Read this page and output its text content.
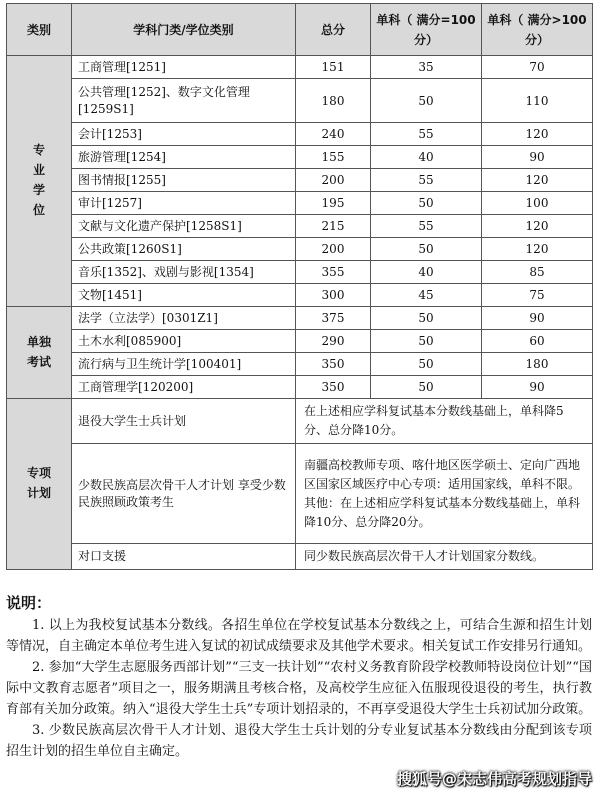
类别	学科门类/学位类别	总分	单科（ 满分=100 分）	单科（ 满分>100 分）
专业学位	工商管理[1251]	151	35	70
	公共管理[1252]、数字文化管理[1259S1]	180	50	110
	会计[1253]	240	55	120
	旅游管理[1254]	155	40	90
	图书情报[1255]	200	55	120
	审计[1257]	195	50	100
	文献与文化遗产保护[1258S1]	215	55	120
	公共政策[1260S1]	200	50	120
	音乐[1352]、戏剧与影视[1354]	355	40	85
	文物[1451]	300	45	75
单独考试	法学（立法学）[0301Z1]	375	50	90
	土木水利[085900]	290	50	60
	流行病与卫生统计学[100401]	350	50	180
	工商管理学[120200]	350	50	90
专项计划	退役大学生士兵计划	在上述相应学科复试基本分数线基础上，单科降5分、总分降10分。		
	少数民族高层次骨干人才计划 享受少数民族照顾政策考生	南疆高校教师专项、喀什地区医学硕士、定向广西地区国家区域医疗中心专项：适用国家线，单科不限。

其他：在上述相应学科复试基本分数线基础上，单科降10分、总分降20分。		

	对口支援	同少数民族高层次骨干人才计划国家分数线。		
说明：

1. 以上为我校复试基本分数线。各招生单位在学校复试基本分数线之上，可结合生源和招生计划等情况，自主确定本单位考生进入复试的初试成绩要求及其他学术要求。相关复试工作安排另行通知。

2. 参加“大学生志愿服务西部计划”“三支一扶计划”“农村义务教育阶段学校教师特设岗位计划”“国际中文教育志愿者”项目之一，服务期满且考核合格，及高校学生应征入伍服现役退役的考生，执行教育部有关加分政策。纳入“退役大学生士兵”专项计划招录的，不再享受退役大学生士兵初试加分政策。

3. 少数民族高层次骨干人才计划、退役大学生士兵计划的分专业复试基本分数线由分配到该专项招生计划的招生单位自主确定。

搜狐号@宋志伟高考规划指导
